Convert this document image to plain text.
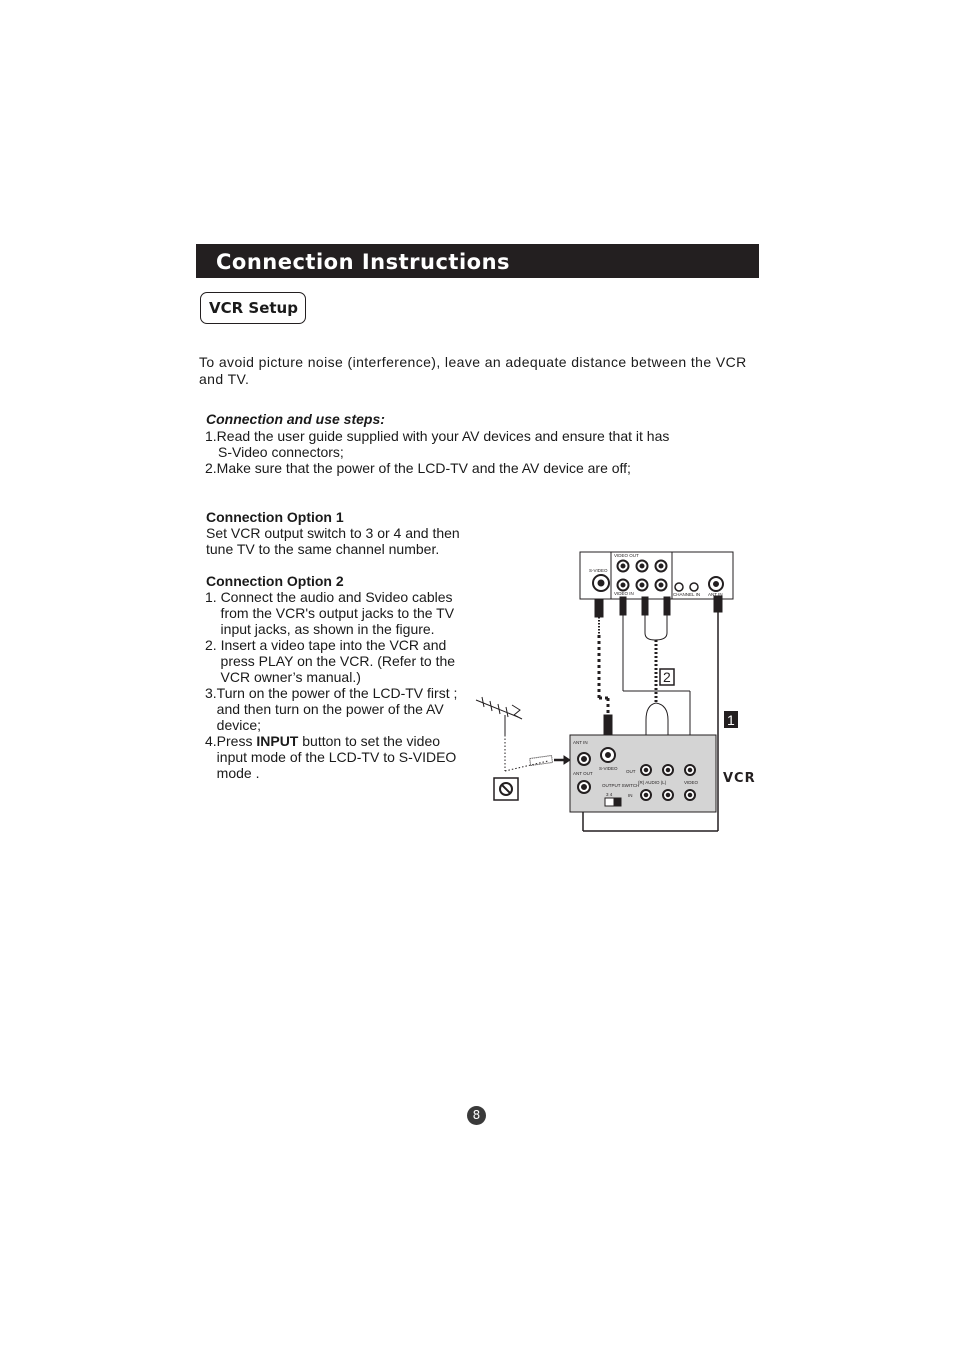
Connection Instructions
VCR Setup
To avoid picture noise (interference), leave an adequate distance between the VCR and TV.
Connection and use steps:
1.Read the user guide supplied with your AV devices and ensure that it has
S-Video connectors;
2.Make sure that the power of the LCD-TV and the AV device are off;
Connection Option 1
Set VCR output switch to 3 or 4 and then
tune TV to the same channel number.
Connection Option 2
1. Connect the audio and Svideo cables
from the VCR's output jacks to the TV
input jacks, as shown in the figure.
2. Insert a video tape into the VCR and
press PLAY on the VCR. (Refer to the
VCR owner’s manual.)
3.Turn on the power of the LCD-TV first ;
and then turn on the power of the AV
device;
4.Press INPUT button to set the video
input mode of the LCD-TV to S-VIDEO
mode .
S-VIDEO
VIDEO OUT
VIDEO IN	CHANNEL IN ANT IN
ANT IN
ANT OUT
S-VIDEO
OUT
IN
OUTPUT SWITCH
3 4
(R) AUDIO (L)	VIDEO
2
1
VCR
8
